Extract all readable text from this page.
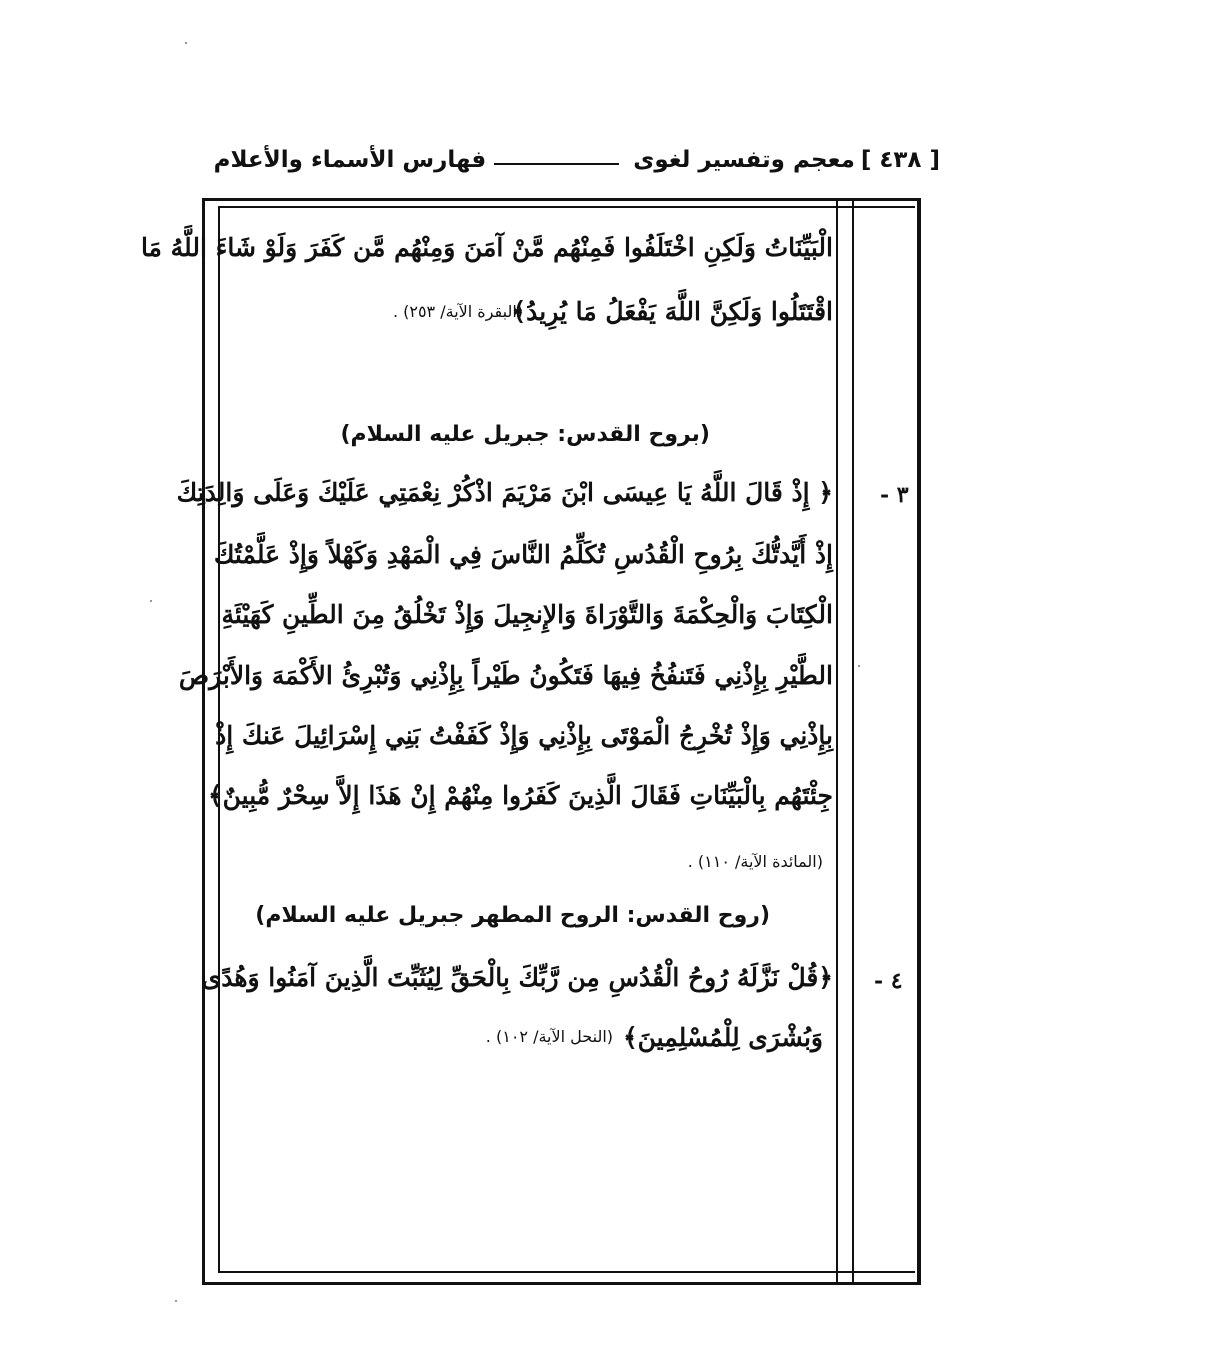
[ ٤٣٨ ]
معجم وتفسير لغوى
فهارس الأسماء والأعلام
الْبَيِّنَاتُ وَلَكِنِ اخْتَلَفُوا فَمِنْهُم مَّنْ آمَنَ وَمِنْهُم مَّن كَفَرَ وَلَوْ شَاءَ اللَّهُ مَا
اقْتَتَلُوا وَلَكِنَّ اللَّهَ يَفْعَلُ مَا يُرِيدُ﴾
(البقرة الآية/ ٢٥٣) .
(بروح القدس: جبريل عليه السلام)
٣ -
﴿ إِذْ قَالَ اللَّهُ يَا عِيسَى ابْنَ مَرْيَمَ اذْكُرْ نِعْمَتِي عَلَيْكَ وَعَلَى وَالِدَتِكَ
إِذْ أَيَّدتُّكَ بِرُوحِ الْقُدُسِ تُكَلِّمُ النَّاسَ فِي الْمَهْدِ وَكَهْلاً وَإِذْ عَلَّمْتُكَ
الْكِتَابَ وَالْحِكْمَةَ وَالتَّوْرَاةَ وَالإِنجِيلَ وَإِذْ تَخْلُقُ مِنَ الطِّينِ كَهَيْئَةِ
الطَّيْرِ بِإِذْنِي فَتَنفُخُ فِيهَا فَتَكُونُ طَيْراً بِإِذْنِي وَتُبْرِئُ الأَكْمَهَ وَالأَبْرَصَ
بِإِذْنِي وَإِذْ تُخْرِجُ الْمَوْتَى بِإِذْنِي وَإِذْ كَفَفْتُ بَنِي إِسْرَائِيلَ عَنكَ إِذْ
جِئْتَهُم بِالْبَيِّنَاتِ فَقَالَ الَّذِينَ كَفَرُوا مِنْهُمْ إِنْ هَذَا إِلاَّ سِحْرٌ مُّبِينٌ﴾
(المائدة الآية/ ١١٠) .
(روح القدس: الروح المطهر جبريل عليه السلام)
٤ -
﴿قُلْ نَزَّلَهُ رُوحُ الْقُدُسِ مِن رَّبِّكَ بِالْحَقِّ لِيُثَبِّتَ الَّذِينَ آمَنُوا وَهُدًى
وَبُشْرَى لِلْمُسْلِمِينَ﴾
(النحل الآية/ ١٠٢) .
